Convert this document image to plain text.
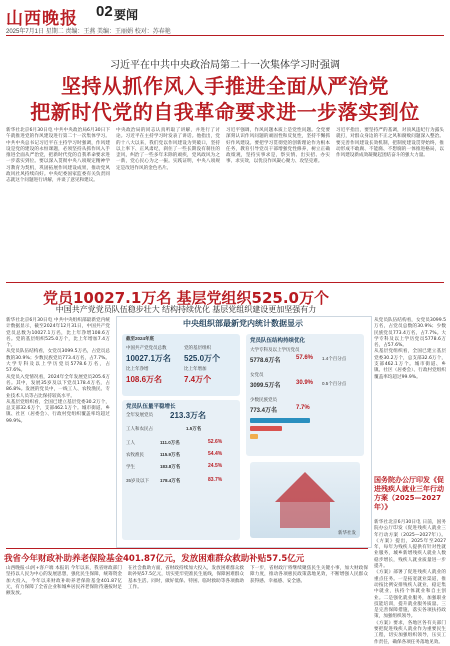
山西晚报 02 要闻
2025年7月1日 星期二 责编：王燕 美编：王丽娟 校对：苏春艳
习近平在中共中央政治局第二十一次集体学习时强调
坚持从抓作风入手推进全面从严治党
把新时代党的自我革命要求进一步落实到位
新华社北京6月30日电 中共中央政治局6月30日下午就推进党的作风建设进行第二十一次集体学习。中共中央总书记习近平在主持学习时强调，作风建设是党的建设的永恒课题，必须坚持从抓作风入手推进全面从严治党，把新时代党的自我革命要求进一步落实到位。要以深入贯彻中央八项规定精神学习教育为契机，巩固拓展作风建设成果，推动党风政风社风持续向好。中央纪委国家监委有关负责同志就这个问题进行讲解，并谈了意见和建议。
中央政治局的同志认真听取了讲解，并进行了讨论。习近平在主持学习时发表了讲话。他指出，党的十八大以来，我们党以作风建设为突破口，坚持以上率下、正风肃纪，刹住了一些长期没有刹住的歪风，纠治了一些多年未除的顽疾，党风政风为之一新，党心民心为之一振。实践证明，中央八项规定是改进作风的金色名片。
习近平强调，作风问题本质上是党性问题。全党要深刻认识作风问题的顽固性和反复性，坚持不懈抓好作风建设。要把学习贯彻党的创新理论作为根本任务，教育引导党员干部增强党性修养，树立正确政绩观，坚持实事求是，察实情、出实招、办实事、求实效，以优良作风凝心聚力、攻坚克难。
习近平指出，要坚持严的基调，对顶风违纪行为露头就打，对群众身边的不正之风和腐败问题深入整治。要完善作风建设长效机制，把制度建设贯穿始终，推动形成不敢腐、不能腐、不想腐的一体推进格局，以作风建设新成效凝聚起团结奋斗的强大力量。
党员10027.1万名 基层党组织525.0万个
中国共产党党员队伍稳步壮大 结构持续优化 基层党组织建设更加坚强有力
新华社北京6月30日电 中共中央组织部最新党内统计数据显示，截至2024年12月31日，中国共产党党员总数为10027.1万名，比上年净增108.6万名。党的基层组织525.0万个，比上年增加7.4万个。
从党员队伍结构看，女党员3099.5万名，占党员总数的30.9%；少数民族党员773.4万名，占7.7%。大学专科及以上学历党员5778.6万名，占57.6%。
从党员入党情况看，2024年全年发展党员205.6万名。其中，发展35岁及以下党员178.4万名，占86.8%。发展的党员中，一线工人、农牧渔民、专业技术人员等占比保持较高水平。
从基层党组织看，全国已建立基层党委30.2万个，总支部32.6万个，支部462.1万个。城市街道、乡镇、社区（居委会）、行政村党组织覆盖率均超过99.9%。
中央组织部最新党内统计数据显示
截至2024年底
中国共产党党员总数
10027.1万名
比上年净增
108.6万名
党的基层组织
525.0万个
比上年增加
7.4万个
党员队伍结构持续优化
大学专科及以上学历党员
5778.6万名	57.6% 1.4个百分点
女党员
3099.5万名	30.9% 0.5个百分点
少数民族党员
773.4万名	7.7%
党员队伍量平稳增长
全年发展党员 213.3万名
工人和农民占	1.5万名
工人	111.0万名	52.6%
农牧渔民	115.9万名	54.4%
学生	183.8万名	24.5%
35岁及以下 178.4万名	83.7%
新华社发
从党员队伍结构看，女党员3099.5万名，占党员总数的30.9%；少数民族党员773.4万名，占7.7%。大学专科及以上学历党员5778.6万名，占57.6%。
从基层党组织看，全国已建立基层党委30.2万个，总支部32.6万个，支部462.1万个。城市街道、乡镇、社区（居委会）、行政村党组织覆盖率均超过99.9%。
国务院办公厅印发《促进残疾人就业三年行动方案（2025—2027年）》
新华社北京6月30日电 日前，国务院办公厅印发《促进残疾人就业三年行动方案（2025—2027年）》。《方案》提出，2025年至2027年，每年为残疾人提供有针对性就业服务，城乡新增残疾人就业人数稳步增长，残疾人就业质量进一步提升。
《方案》部署了促进残疾人就业的重点任务。一是拓宽就业渠道，推动按比例安排残疾人就业，稳定集中就业，扶持个体就业和自主创业。二是强化就业服务，加强职业技能培训，提升就业服务质量。三是完善保障措施，落实各项扶持政策，加强组织领导。
《方案》要求，各地区各有关部门要把促进残疾人就业作为重要民生工程，切实加强组织领导，压实工作责任，确保各项任务落地见效。
我省今年财政补助养老保险基金401.87亿元，发放困难群众救助补贴57.5亿元
山西晚报·山河+客户端 本报讯 今年以来，我省财政部门坚持以人民为中心的发展思想，强化民生保障，统筹资金加大投入，今年以来财政补助养老保险基金401.87亿元，有力保障了全省企业和城乡居民养老保险待遇按时足额发放。
在社会救助方面，省财政持续加大投入，发放困难群众救助补贴57.5亿元，切实兜牢兜准民生底线，保障困难群众基本生活。同时，做好低保、特困、临时救助等各项救助工作。
下一步，省财政厅将继续聚焦民生关键小事，加大财政保障力度，推动各项惠民政策落地见效，不断增强人民群众获得感、幸福感、安全感。
